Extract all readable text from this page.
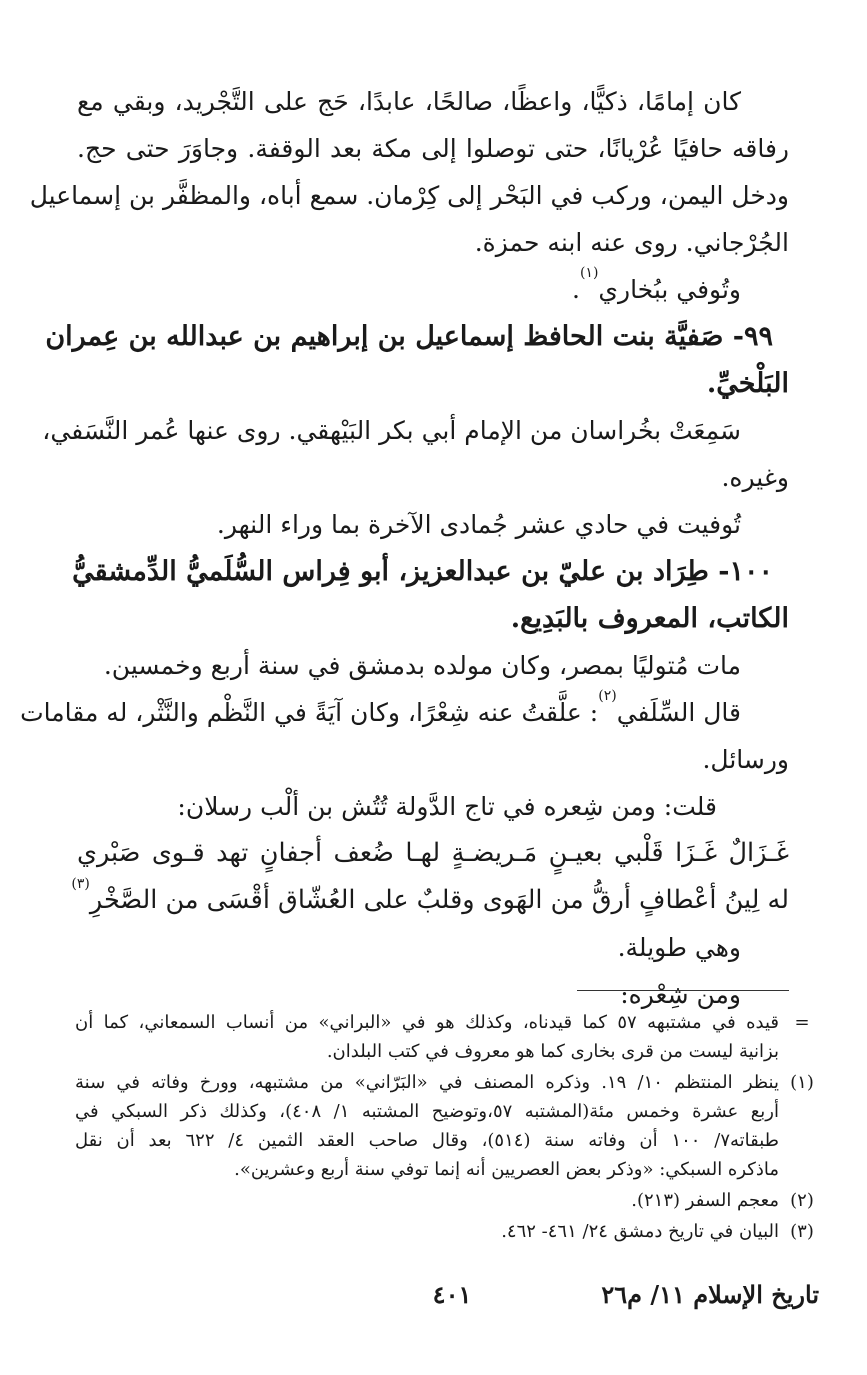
كان إمامًا، ذكيًّا، واعظًا، صالحًا، عابدًا، حَج على التَّجْريد، وبقي مع

رفاقه حافيًا عُرْيانًا، حتى توصلوا إلى مكة بعد الوقفة. وجاوَرَ حتى حج.

ودخل اليمن، وركب في البَحْر إلى كِرْمان. سمع أباه، والمظفَّر بن إسماعيل

الجُرْجاني. روى عنه ابنه حمزة.

وتُوفي ببُخاري$^{(١)}$.

٩٩- صَفيَّة بنت الحافظ إسماعيل بن إبراهيم بن عبدالله بن عِمران

البَلْخيِّ.

سَمِعَتْ بخُراسان من الإمام أبي بكر البَيْهقي. روى عنها عُمر النَّسَفي،

وغيره.

تُوفيت في حادي عشر جُمادى الآخرة بما وراء النهر.

١٠٠- طِرَاد بن عليّ بن عبدالعزيز، أبو فِراس السُّلَميُّ الدِّمشقيُّ

الكاتب، المعروف بالبَدِيع.

مات مُتوليًا بمصر، وكان مولده بدمشق في سنة أربع وخمسين.

قال السِّلَفي$^{(٢)}$: علَّقتُ عنه شِعْرًا، وكان آيَةً في النَّظْم والنَّثْر، له مقامات

ورسائل.

قلت: ومن شِعره في تاج الدَّولة تُتُش بن ألْب رسلان:

غَـزَالٌ غَـزَا قَلْبي بعيـنٍ مَـريضـةٍ لهـا ضُعف أجفانٍ تهد قـوى صَبْري

له لِينُ أعْطافٍ أرقُّ من الهَوى وقلبٌ على العُشّاق أقْسَى من الصَّخْرِ$^{(٣)}$

وهي طويلة.

ومن شِعْره:

=
قيده في مشتبهه ٥٧ كما قيدناه، وكذلك هو في «البراني» من أنساب السمعاني، كما أن
بزانية ليست من قرى بخارى كما هو معروف في كتب البلدان.
(١)
ينظر المنتظم ١٠/ ١٩. وذكره المصنف في «البَرّاني» من مشتبهه، وورخ وفاته في سنة
أربع عشرة وخمس مئة(المشتبه ٥٧،وتوضيح المشتبه ١/ ٤٠٨)، وكذلك ذكر السبكي في
طبقاته٧/ ١٠٠ أن وفاته سنة (٥١٤)، وقال صاحب العقد الثمين ٤/ ٦٢٢ بعد أن نقل
ماذكره السبكي: «وذكر بعض العصريين أنه إنما توفي سنة أربع وعشرين».
(٢)
معجم السفر (٢١٣).
(٣)
البيان في تاريخ دمشق ٢٤/ ٤٦١- ٤٦٢.
تاريخ الإسلام ١١/ م٢٦
٤٠١
